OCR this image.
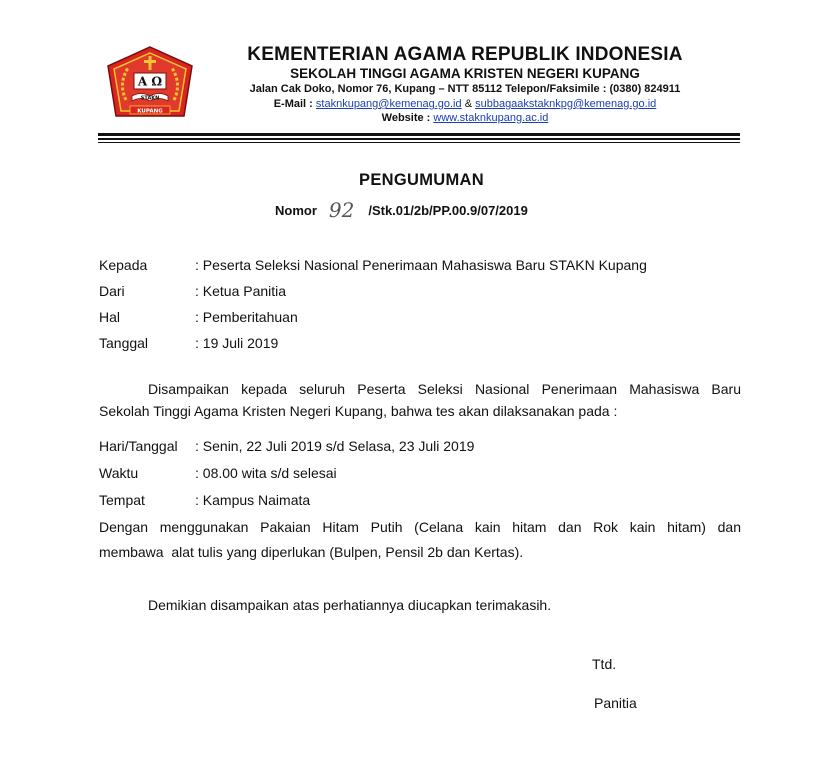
A Ω
STAKN
KUPANG
KEMENTERIAN AGAMA REPUBLIK INDONESIA
SEKOLAH TINGGI AGAMA KRISTEN NEGERI KUPANG
Jalan Cak Doko, Nomor 76, Kupang – NTT 85112 Telepon/Faksimile : (0380) 824911
E-Mail : staknkupang@kemenag.go.id & subbagaakstaknkpg@kemenag.go.id
Website : www.staknkupang.ac.id
PENGUMUMAN
Nomor 92 /Stk.01/2b/PP.00.9/07/2019
Kepada	: Peserta Seleksi Nasional Penerimaan Mahasiswa Baru STAKN Kupang
Dari	: Ketua Panitia
Hal	: Pemberitahuan
Tanggal	: 19 Juli 2019
Disampaikan kepada seluruh Peserta Seleksi Nasional Penerimaan Mahasiswa Baru
Sekolah Tinggi Agama Kristen Negeri Kupang, bahwa tes akan dilaksanakan pada :
Hari/Tanggal : Senin, 22 Juli 2019 s/d Selasa, 23 Juli 2019
Waktu	: 08.00 wita s/d selesai
Tempat	: Kampus Naimata
Dengan menggunakan Pakaian Hitam Putih (Celana kain hitam dan Rok kain hitam) dan
membawa  alat tulis yang diperlukan (Bulpen, Pensil 2b dan Kertas).
Demikian disampaikan atas perhatiannya diucapkan terimakasih.
Ttd.
Panitia
